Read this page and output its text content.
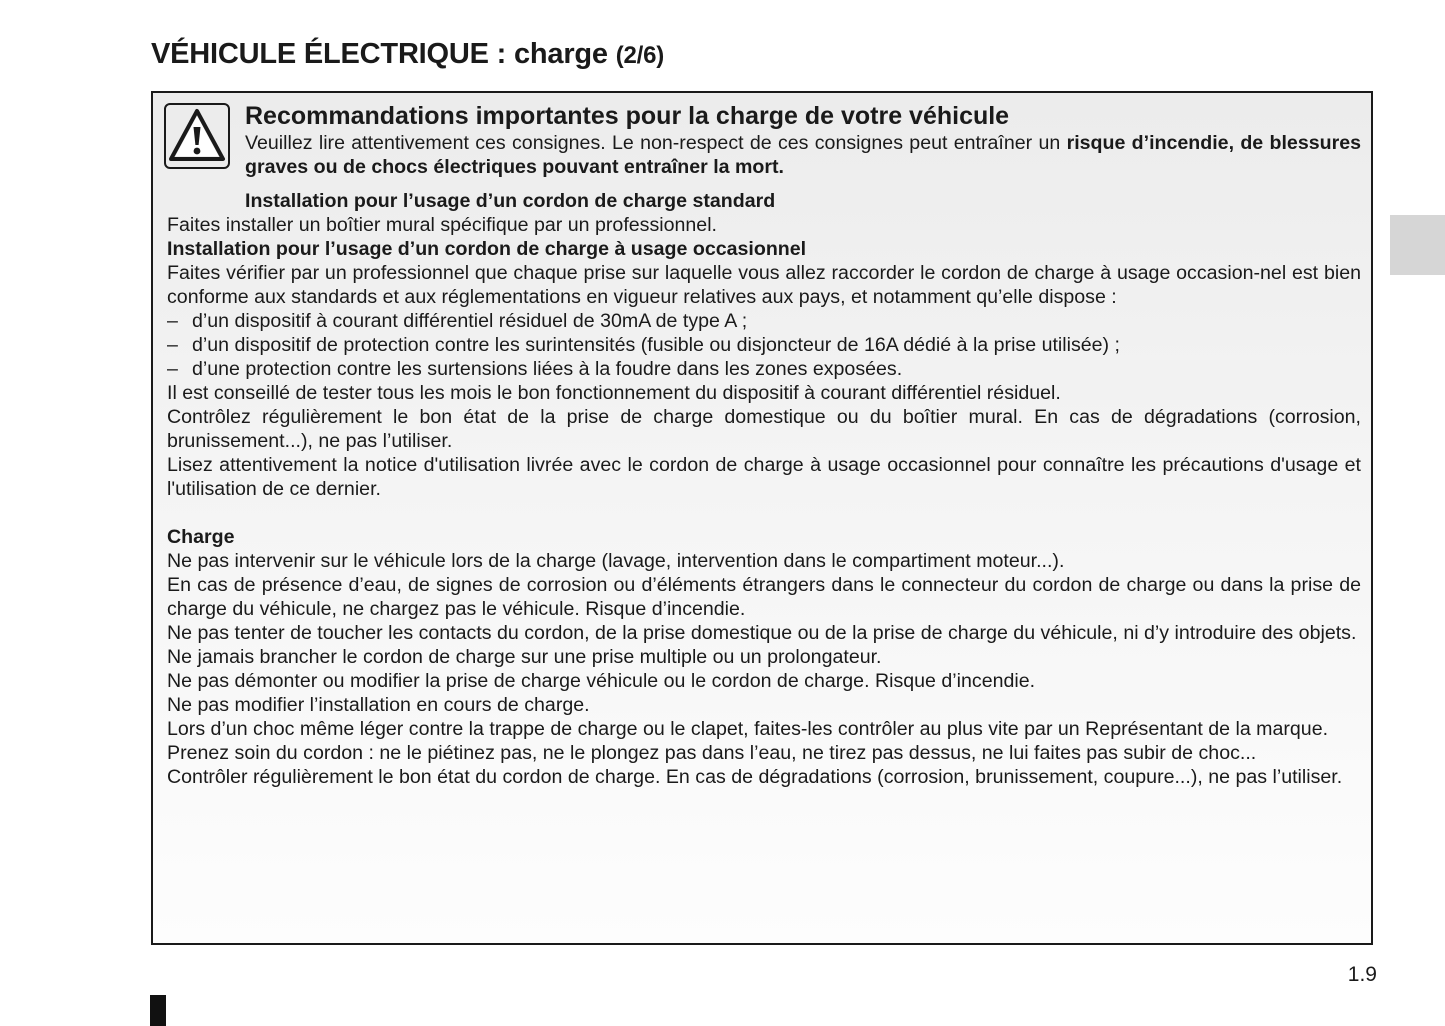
VÉHICULE ÉLECTRIQUE : charge (2/6)
Recommandations importantes pour la charge de votre véhicule

Veuillez lire attentivement ces consignes. Le non-respect de ces consignes peut entraîner un risque d’incendie, de blessures graves ou de chocs électriques pouvant entraîner la mort.

Installation pour l’usage d’un cordon de charge standard

Faites installer un boîtier mural spécifique par un professionnel.

Installation pour l’usage d’un cordon de charge à usage occasionnel

Faites vérifier par un professionnel que chaque prise sur laquelle vous allez raccorder le cordon de charge à usage occasion-nel est bien conforme aux standards et aux réglementations en vigueur relatives aux pays, et notamment qu’elle dispose :

– d’un dispositif à courant différentiel résiduel de 30mA de type A ;
– d’un dispositif de protection contre les surintensités (fusible ou disjoncteur de 16A dédié à la prise utilisée) ;
– d’une protection contre les surtensions liées à la foudre dans les zones exposées.

Il est conseillé de tester tous les mois le bon fonctionnement du dispositif à courant différentiel résiduel.

Contrôlez régulièrement le bon état de la prise de charge domestique ou du boîtier mural. En cas de dégradations (corrosion, brunissement...), ne pas l’utiliser.

Lisez attentivement la notice d'utilisation livrée avec le cordon de charge à usage occasionnel pour connaître les précautions d'usage et l'utilisation de ce dernier.

Charge

Ne pas intervenir sur le véhicule lors de la charge (lavage, intervention dans le compartiment moteur...).

En cas de présence d’eau, de signes de corrosion ou d’éléments étrangers dans le connecteur du cordon de charge ou dans la prise de charge du véhicule, ne chargez pas le véhicule. Risque d’incendie.

Ne pas tenter de toucher les contacts du cordon, de la prise domestique ou de la prise de charge du véhicule, ni d’y introduire des objets.

Ne jamais brancher le cordon de charge sur une prise multiple ou un prolongateur.

Ne pas démonter ou modifier la prise de charge véhicule ou le cordon de charge. Risque d’incendie.

Ne pas modifier l’installation en cours de charge.

Lors d’un choc même léger contre la trappe de charge ou le clapet, faites-les contrôler au plus vite par un Représentant de la marque.

Prenez soin du cordon : ne le piétinez pas, ne le plongez pas dans l’eau, ne tirez pas dessus, ne lui faites pas subir de choc...

Contrôler régulièrement le bon état du cordon de charge. En cas de dégradations (corrosion, brunissement, coupure...), ne pas l’utiliser.

1.9
